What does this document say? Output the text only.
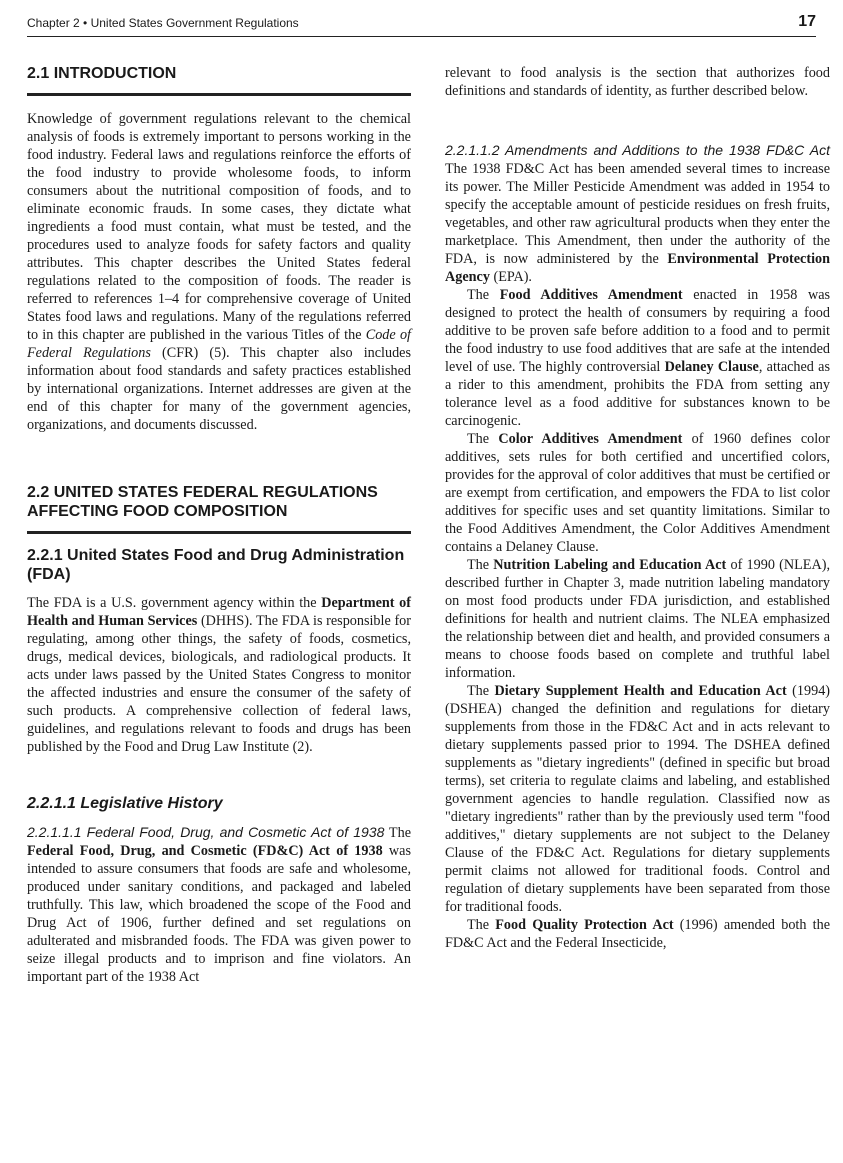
Chapter 2 • United States Government Regulations	17
2.1 INTRODUCTION

Knowledge of government regulations relevant to the chemical analysis of foods is extremely important to persons working in the food industry. Federal laws and regulations reinforce the efforts of the food industry to provide wholesome foods, to inform consumers about the nutritional composition of foods, and to eliminate economic frauds. In some cases, they dictate what ingredients a food must contain, what must be tested, and the procedures used to analyze foods for safety factors and quality attributes. This chapter describes the United States federal regulations related to the composition of foods. The reader is referred to references 1–4 for comprehensive coverage of United States food laws and regulations. Many of the regulations referred to in this chapter are published in the various Titles of the Code of Federal Regulations (CFR) (5). This chapter also includes information about food standards and safety practices established by international organizations. Internet addresses are given at the end of this chapter for many of the government agencies, organizations, and documents discussed.

2.2 UNITED STATES FEDERAL REGULATIONS AFFECTING FOOD COMPOSITION
2.2.1 United States Food and Drug Administration (FDA)

The FDA is a U.S. government agency within the Department of Health and Human Services (DHHS). The FDA is responsible for regulating, among other things, the safety of foods, cosmetics, drugs, medical devices, biologicals, and radiological products. It acts under laws passed by the United States Congress to monitor the affected industries and ensure the consumer of the safety of such products. A comprehensive collection of federal laws, guidelines, and regulations relevant to foods and drugs has been published by the Food and Drug Law Institute (2).

2.2.1.1 Legislative History

2.2.1.1.1 Federal Food, Drug, and Cosmetic Act of 1938 The Federal Food, Drug, and Cosmetic (FD&C) Act of 1938 was intended to assure consumers that foods are safe and wholesome, produced under sanitary conditions, and packaged and labeled truthfully. This law, which broadened the scope of the Food and Drug Act of 1906, further defined and set regulations on adulterated and misbranded foods. The FDA was given power to seize illegal products and to imprison and fine violators. An important part of the 1938 Act

relevant to food analysis is the section that authorizes food definitions and standards of identity, as further described below.

2.2.1.1.2 Amendments and Additions to the 1938 FD&C Act The 1938 FD&C Act has been amended several times to increase its power. The Miller Pesticide Amendment was added in 1954 to specify the acceptable amount of pesticide residues on fresh fruits, vegetables, and other raw agricultural products when they enter the marketplace. This Amendment, then under the authority of the FDA, is now administered by the Environmental Protection Agency (EPA).

The Food Additives Amendment enacted in 1958 was designed to protect the health of consumers by requiring a food additive to be proven safe before addition to a food and to permit the food industry to use food additives that are safe at the intended level of use. The highly controversial Delaney Clause, attached as a rider to this amendment, prohibits the FDA from setting any tolerance level as a food additive for substances known to be carcinogenic.

The Color Additives Amendment of 1960 defines color additives, sets rules for both certified and uncertified colors, provides for the approval of color additives that must be certified or are exempt from certification, and empowers the FDA to list color additives for specific uses and set quantity limitations. Similar to the Food Additives Amendment, the Color Additives Amendment contains a Delaney Clause.

The Nutrition Labeling and Education Act of 1990 (NLEA), described further in Chapter 3, made nutrition labeling mandatory on most food products under FDA jurisdiction, and established definitions for health and nutrient claims. The NLEA emphasized the relationship between diet and health, and provided consumers a means to choose foods based on complete and truthful label information.

The Dietary Supplement Health and Education Act (1994) (DSHEA) changed the definition and regulations for dietary supplements from those in the FD&C Act and in acts relevant to dietary supplements passed prior to 1994. The DSHEA defined supplements as "dietary ingredients" (defined in specific but broad terms), set criteria to regulate claims and labeling, and established government agencies to handle regulation. Classified now as "dietary ingredients" rather than by the previously used term "food additives," dietary supplements are not subject to the Delaney Clause of the FD&C Act. Regulations for dietary supplements permit claims not allowed for traditional foods. Control and regulation of dietary supplements have been separated from those for traditional foods.

The Food Quality Protection Act (1996) amended both the FD&C Act and the Federal Insecticide,
